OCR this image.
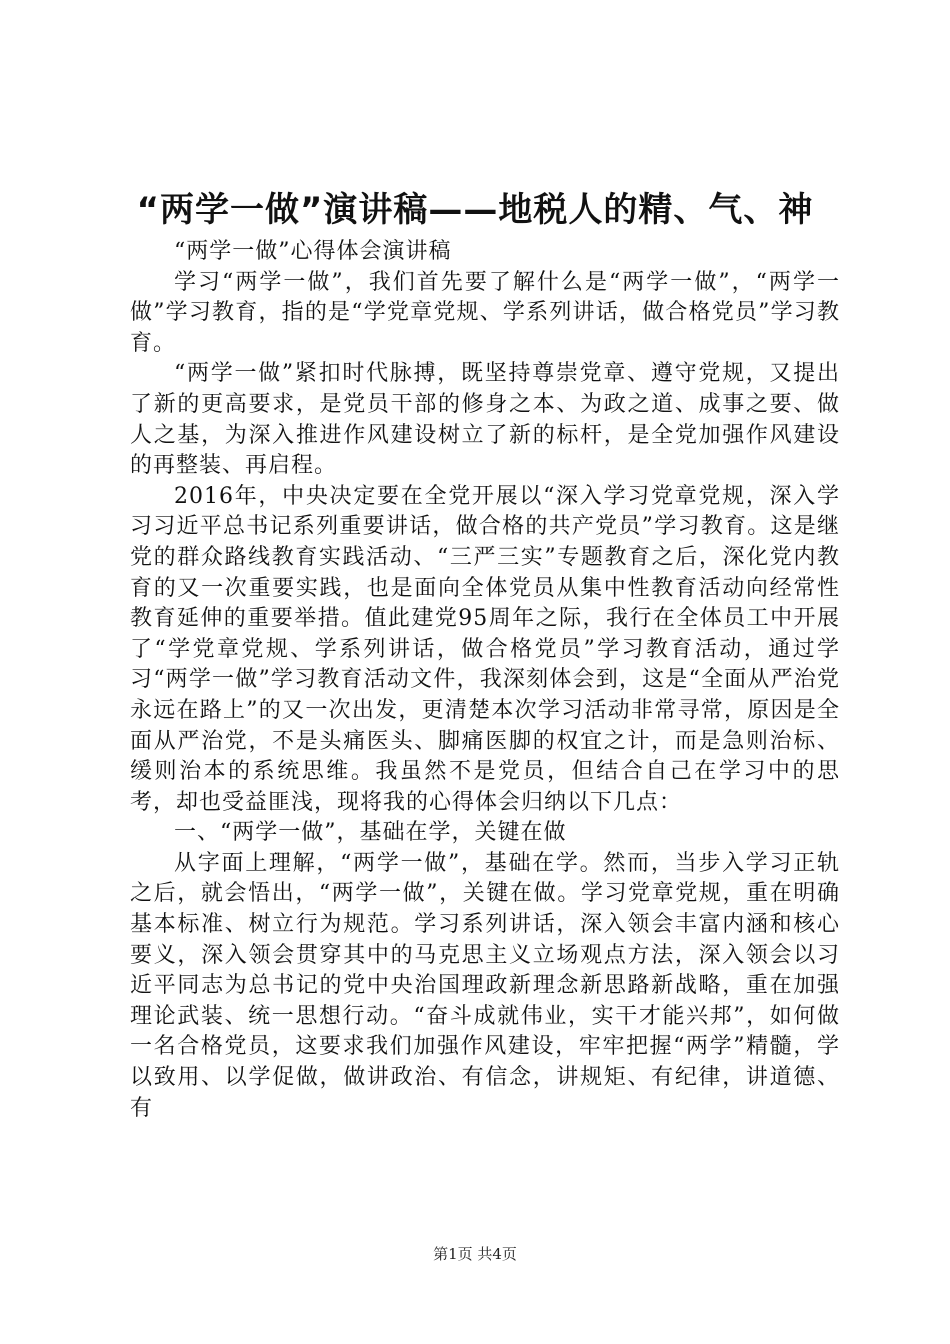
“两学一做”演讲稿——地税人的精、气、神

“两学一做”心得体会演讲稿

学习“两学一做”，我们首先要了解什么是“两学一做”，“两学一做”学习教育，指的是“学党章党规、学系列讲话，做合格党员”学习教育。

“两学一做”紧扣时代脉搏，既坚持尊崇党章、遵守党规，又提出了新的更高要求，是党员干部的修身之本、为政之道、成事之要、做人之基，为深入推进作风建设树立了新的标杆，是全党加强作风建设的再整装、再启程。

2016年，中央决定要在全党开展以“深入学习党章党规，深入学习习近平总书记系列重要讲话，做合格的共产党员”学习教育。这是继党的群众路线教育实践活动、“三严三实”专题教育之后，深化党内教育的又一次重要实践，也是面向全体党员从集中性教育活动向经常性教育延伸的重要举措。值此建党95周年之际，我行在全体员工中开展了“学党章党规、学系列讲话，做合格党员”学习教育活动，通过学习“两学一做”学习教育活动文件，我深刻体会到，这是“全面从严治党永远在路上”的又一次出发，更清楚本次学习活动非常寻常，原因是全面从严治党，不是头痛医头、脚痛医脚的权宜之计，而是急则治标、缓则治本的系统思维。我虽然不是党员，但结合自己在学习中的思考，却也受益匪浅，现将我的心得体会归纳以下几点：

一、“两学一做”，基础在学，关键在做

从字面上理解，“两学一做”，基础在学。然而，当步入学习正轨之后，就会悟出，“两学一做”，关键在做。学习党章党规，重在明确基本标准、树立行为规范。学习系列讲话，深入领会丰富内涵和核心要义，深入领会贯穿其中的马克思主义立场观点方法，深入领会以习近平同志为总书记的党中央治国理政新理念新思路新战略，重在加强理论武装、统一思想行动。“奋斗成就伟业，实干才能兴邦”，如何做一名合格党员，这要求我们加强作风建设，牢牢把握“两学”精髓，学以致用、以学促做，做讲政治、有信念，讲规矩、有纪律，讲道德、有

第1页 共4页
